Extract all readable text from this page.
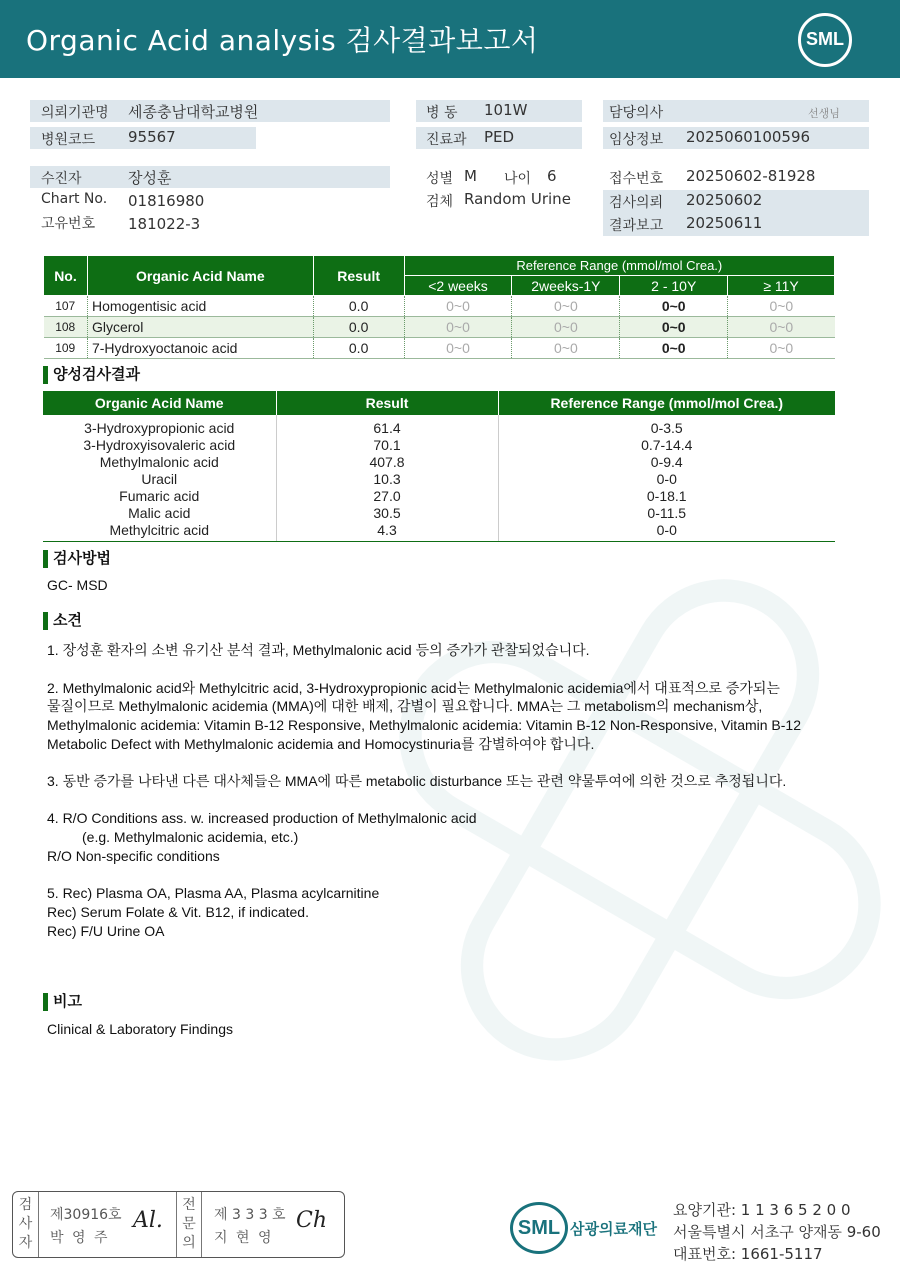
Organic Acid analysis 검사결과보고서	SML
의뢰기관명 세종충남대학교병원
병원코드 95567
병 동 101W
진료과 PED
담당의사	선생님
임상정보 2025060100596
수진자	장성훈
Chart No. 01816980
고유번호 181022-3
성별 M 나이 6
검체 Random Urine
접수번호 20250602-81928
검사의뢰 20250602
결과보고 20250611
No.	Organic Acid Name	Result	Reference Range (mmol/mol Crea.)			
			<2 weeks	2weeks-1Y	2 - 10Y	≥ 11Y
107	Homogentisic acid	0.0	0~0	0~0	0~0	0~0
108	Glycerol	0.0	0~0	0~0	0~0	0~0
109	7-Hydroxyoctanoic acid	0.0	0~0	0~0	0~0	0~0
양성검사결과
Organic Acid Name	Result	Reference Range (mmol/mol Crea.)
3-Hydroxypropionic acid	61.4	0-3.5
3-Hydroxyisovaleric acid	70.1	0.7-14.4
Methylmalonic acid	407.8	0-9.4
Uracil	10.3	0-0
Fumaric acid	27.0	0-18.1
Malic acid	30.5	0-11.5
Methylcitric acid	4.3	0-0
검사방법
GC- MSD
소견
1. 장성훈 환자의 소변 유기산 분석 결과, Methylmalonic acid 등의 증가가 관찰되었습니다.
2. Methylmalonic acid와 Methylcitric acid, 3-Hydroxypropionic acid는 Methylmalonic acidemia에서 대표적으로 증가되는
물질이므로 Methylmalonic acidemia (MMA)에 대한 배제, 감별이 필요합니다. MMA는 그 metabolism의 mechanism상,
Methylmalonic acidemia: Vitamin B-12 Responsive, Methylmalonic acidemia: Vitamin B-12 Non-Responsive, Vitamin B-12
Metabolic Defect with Methylmalonic acidemia and Homocystinuria를 감별하여야 합니다.
3. 동반 증가를 나타낸 다른 대사체들은 MMA에 따른 metabolic disturbance 또는 관련 약물투여에 의한 것으로 추정됩니다.
4. R/O Conditions ass. w. increased production of Methylmalonic acid
(e.g. Methylmalonic acidemia, etc.)
R/O Non-specific conditions
5. Rec) Plasma OA, Plasma AA, Plasma acylcarnitine
Rec) Serum Folate & Vit. B12, if indicated.
Rec) F/U Urine OA
비고
Clinical & Laboratory Findings
검
사
자
제30916호
박 영 주
Al.
전
문
의
제 3 3 3 호
지 현 영
Ch	SML 삼광의료재단
요양기관: 1 1 3 6 5 2 0 0
서울특별시 서초구 양재동 9-60
대표번호: 1661-5117
